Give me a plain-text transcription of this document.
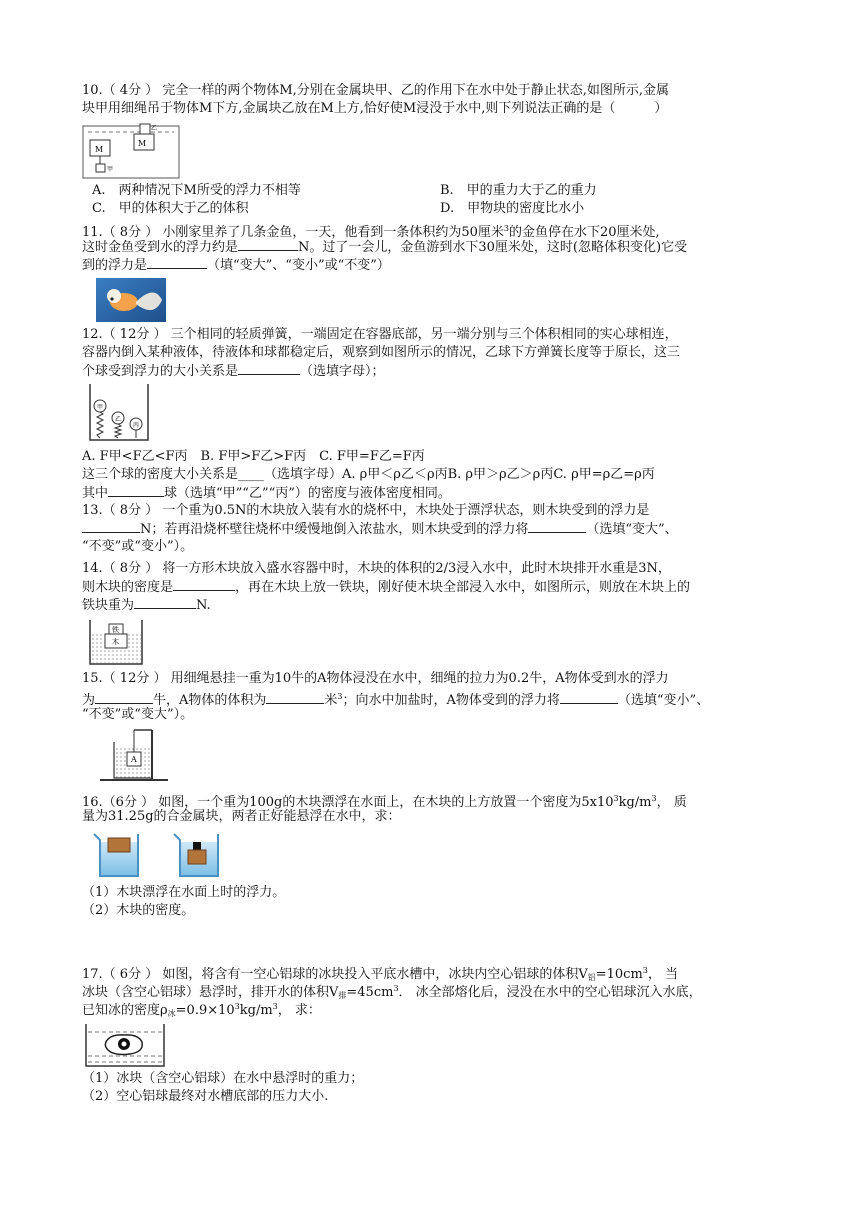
10.（ 4分 ） 完全一样的两个物体M,分别在金属块甲、乙的作用下在水中处于静止状态,如图所示,金属
块甲用细绳吊于物体M下方,金属块乙放在M上方,恰好使M浸没于水中,则下列说法正确的是（　　　）
M
甲
M
乙
A.　两种情况下M所受的浮力不相等	B.　甲的重力大于乙的重力
C.　甲的体积大于乙的体积	D.　甲物块的密度比水小
11.（ 8分 ） 小刚家里养了几条金鱼，一天，他看到一条体积约为50厘米$^3$的金鱼停在水下20厘米处,
这时金鱼受到水的浮力约是	N。过了一会儿，金鱼游到水下30厘米处，这时(忽略体积变化)它受
到的浮力是	（填“变大”、“变小”或“不变”）
12.（ 12分 ） 三个相同的轻质弹簧，一端固定在容器底部，另一端分别与三个体积相同的实心球相连，
容器内倒入某种液体，待液体和球都稳定后，观察到如图所示的情况，乙球下方弹簧长度等于原长，这三
个球受到浮力的大小关系是	（选填字母）；
甲
乙
丙
A. F甲<F乙<F丙　B. F甲>F乙>F丙　C. F甲=F乙=F丙
这三个球的密度大小关系是____（选填字母）A. ρ甲＜ρ乙＜ρ丙B. ρ甲＞ρ乙＞ρ丙C. ρ甲=ρ乙=ρ丙
其中	球（选填“甲”“乙”“丙”）的密度与液体密度相同。
13.（ 8分 ） 一个重为0.5N的木块放入装有水的烧杯中，木块处于漂浮状态，则木块受到的浮力是
N；若再沿烧杯壁往烧杯中缓慢地倒入浓盐水，则木块受到的浮力将	（选填“变大”、
“不变”或“变小”）。
14.（ 8分 ） 将一方形木块放入盛水容器中时，木块的体积的2/3浸入水中，此时木块排开水重是3N，
则木块的密度是	，再在木块上放一铁块，刚好使木块全部浸入水中，如图所示，则放在木块上的
铁块重为	N.
木
铁
15.（ 12分 ） 用细绳悬挂一重为10牛的A物体浸没在水中，细绳的拉力为0.2牛，A物体受到水的浮力
为	牛，A物体的体积为	米$^3$；向水中加盐时，A物体受到的浮力将	（选填“变小”、
“不变”或“变大”）。
A
16.（6分 ） 如图，一个重为100g的木块漂浮在水面上，在木块的上方放置一个密度为$5x10^3kg/m^3$， 质
量为31.25g的合金属块，两者正好能悬浮在水中，求：
（1）木块漂浮在水面上时的浮力。
（2）木块的密度。
17.（ 6分 ） 如图，将含有一空心铝球的冰块投入平底水槽中，冰块内空心铝球的体积$V_铝=10cm^3$， 当
冰块（含空心铝球）悬浮时，排开水的体积$V_排=45cm^3$． 冰全部熔化后，浸没在水中的空心铝球沉入水底，
已知冰的密度$\rho_冰=0.9\times 10^3kg/m^3$， 求：
（1）冰块（含空心铝球）在水中悬浮时的重力；
（2）空心铝球最终对水槽底部的压力大小.
